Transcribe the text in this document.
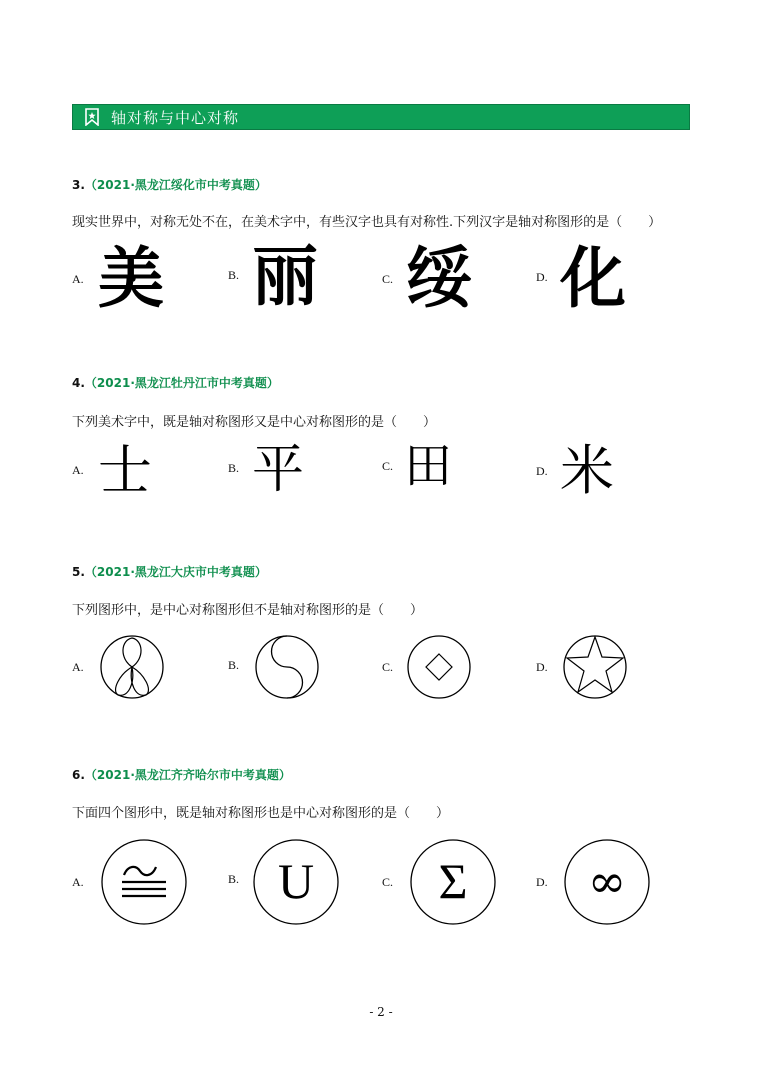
轴对称与中心对称
3.（2021·黑龙江绥化市中考真题）
现实世界中，对称无处不在，在美术字中，有些汉字也具有对称性.下列汉字是轴对称图形的是（　　）
A. 美	B. 丽	C. 绥	D. 化
4.（2021·黑龙江牡丹江市中考真题）
下列美术字中，既是轴对称图形又是中心对称图形的是（　　）
A. 士	B. 平	C. 田	D. 米
5.（2021·黑龙江大庆市中考真题）
下列图形中，是中心对称图形但不是轴对称图形的是（　　）
A.	B.	C.	D.
6.（2021·黑龙江齐齐哈尔市中考真题）
下面四个图形中，既是轴对称图形也是中心对称图形的是（　　）
A.	B. U	C. Σ	D. ∞
- 2 -
